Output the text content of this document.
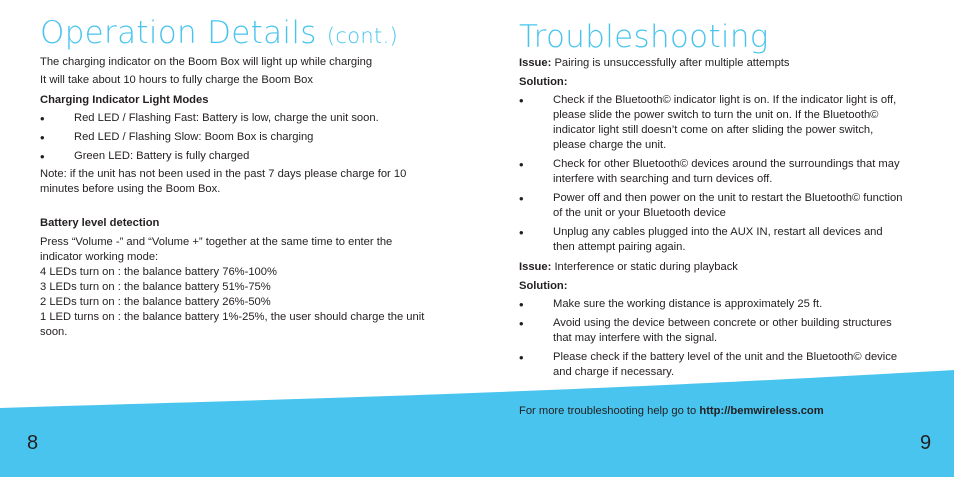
Operation Details (cont.)

The charging indicator on the Boom Box will light up while charging

It will take about 10 hours to fully charge the Boom Box

Charging Indicator Light Modes

•	Red LED / Flashing Fast: Battery is low, charge the unit soon.
•	Red LED / Flashing Slow: Boom Box is charging
•	Green LED: Battery is fully charged

Note: if the unit has not been used in the past 7 days please charge for 10 minutes before using the Boom Box.

Battery level detection

Press “Volume -” and “Volume +” together at the same time to enter the indicator working mode:

4 LEDs turn on : the balance battery 76%-100%

3 LEDs turn on : the balance battery 51%-75%

2 LEDs turn on : the balance battery 26%-50%

1 LED turns on : the balance battery 1%-25%, the user should charge the unit soon.

Troubleshooting

Issue: Pairing is unsuccessfully after multiple attempts

Solution:

•	Check if the Bluetooth© indicator light is on. If the indicator light is off, please slide the power switch to turn the unit on. If the Bluetooth© indicator light still doesn’t come on after sliding the power switch, please charge the unit.
•	Check for other Bluetooth© devices around the surroundings that may interfere with searching and turn devices off.
•	Power off and then power on the unit to restart the Bluetooth© function of the unit or your Bluetooth device
•	Unplug any cables plugged into the AUX IN, restart all devices and then attempt pairing again.

Issue: Interference or static during playback

Solution:

•	Make sure the working distance is approximately 25 ft.
•	Avoid using the device between concrete or other building structures that may interfere with the signal.
•	Please check if the battery level of the unit and the Bluetooth© device and charge if necessary.

For more troubleshooting help go to http://bemwireless.com

8	9
